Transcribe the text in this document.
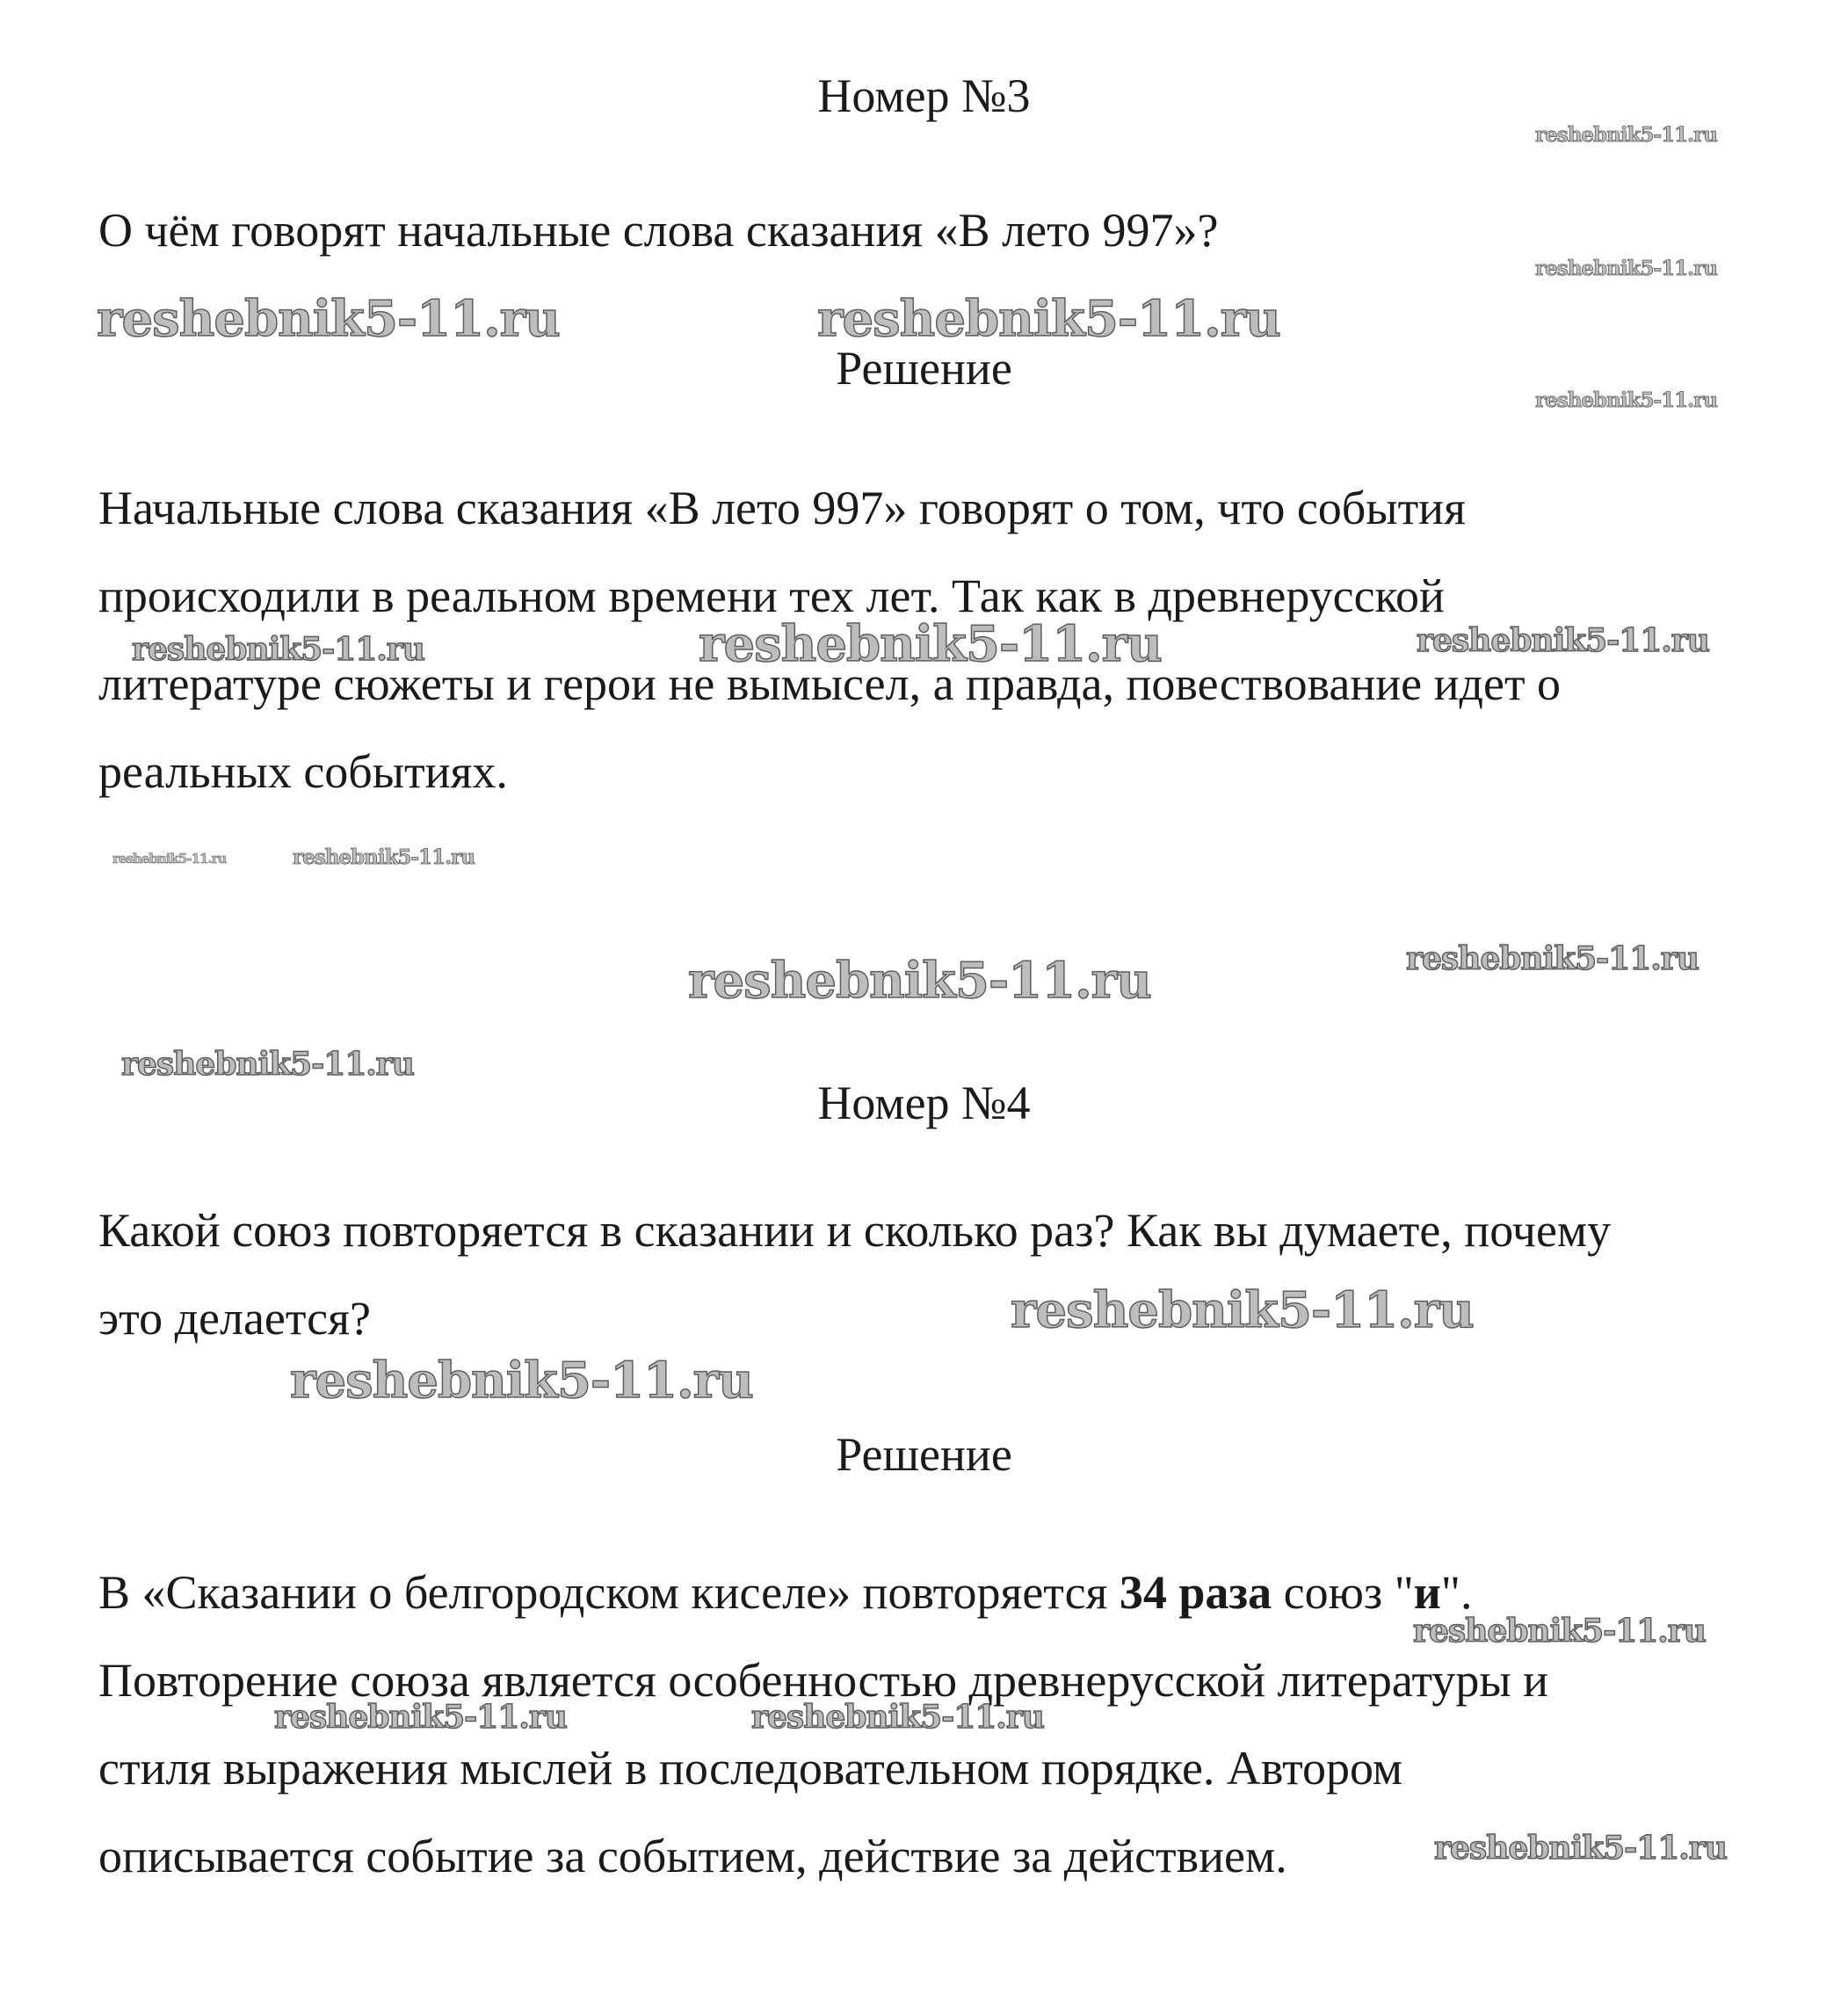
reshebnik5-11.ru
reshebnik5-11.ru
reshebnik5-11.ru
reshebnik5-11.ru	reshebnik5-11.ru
reshebnik5-11.ru	reshebnik5-11.ru	reshebnik5-11.ru
reshebnik5-11.ru	reshebnik5-11.ru
reshebnik5-11.ru	reshebnik5-11.ru
reshebnik5-11.ru
reshebnik5-11.ru
reshebnik5-11.ru
reshebnik5-11.ru
reshebnik5-11.ru	reshebnik5-11.ru
reshebnik5-11.ru
Номер №3

О чём говорят начальные слова сказания «В лето 997»?

Решение

Начальные слова сказания «В лето 997» говорят о том, что события

происходили в реальном времени тех лет. Так как в древнерусской

литературе сюжеты и герои не вымысел, а правда, повествование идет о

реальных событиях.

Номер №4

Какой союз повторяется в сказании и сколько раз? Как вы думаете, почему

это делается?

Решение

В «Сказании о белгородском киселе» повторяется 34 раза союз "и".

Повторение союза является особенностью древнерусской литературы и

стиля выражения мыслей в последовательном порядке. Автором

описывается событие за событием, действие за действием.
